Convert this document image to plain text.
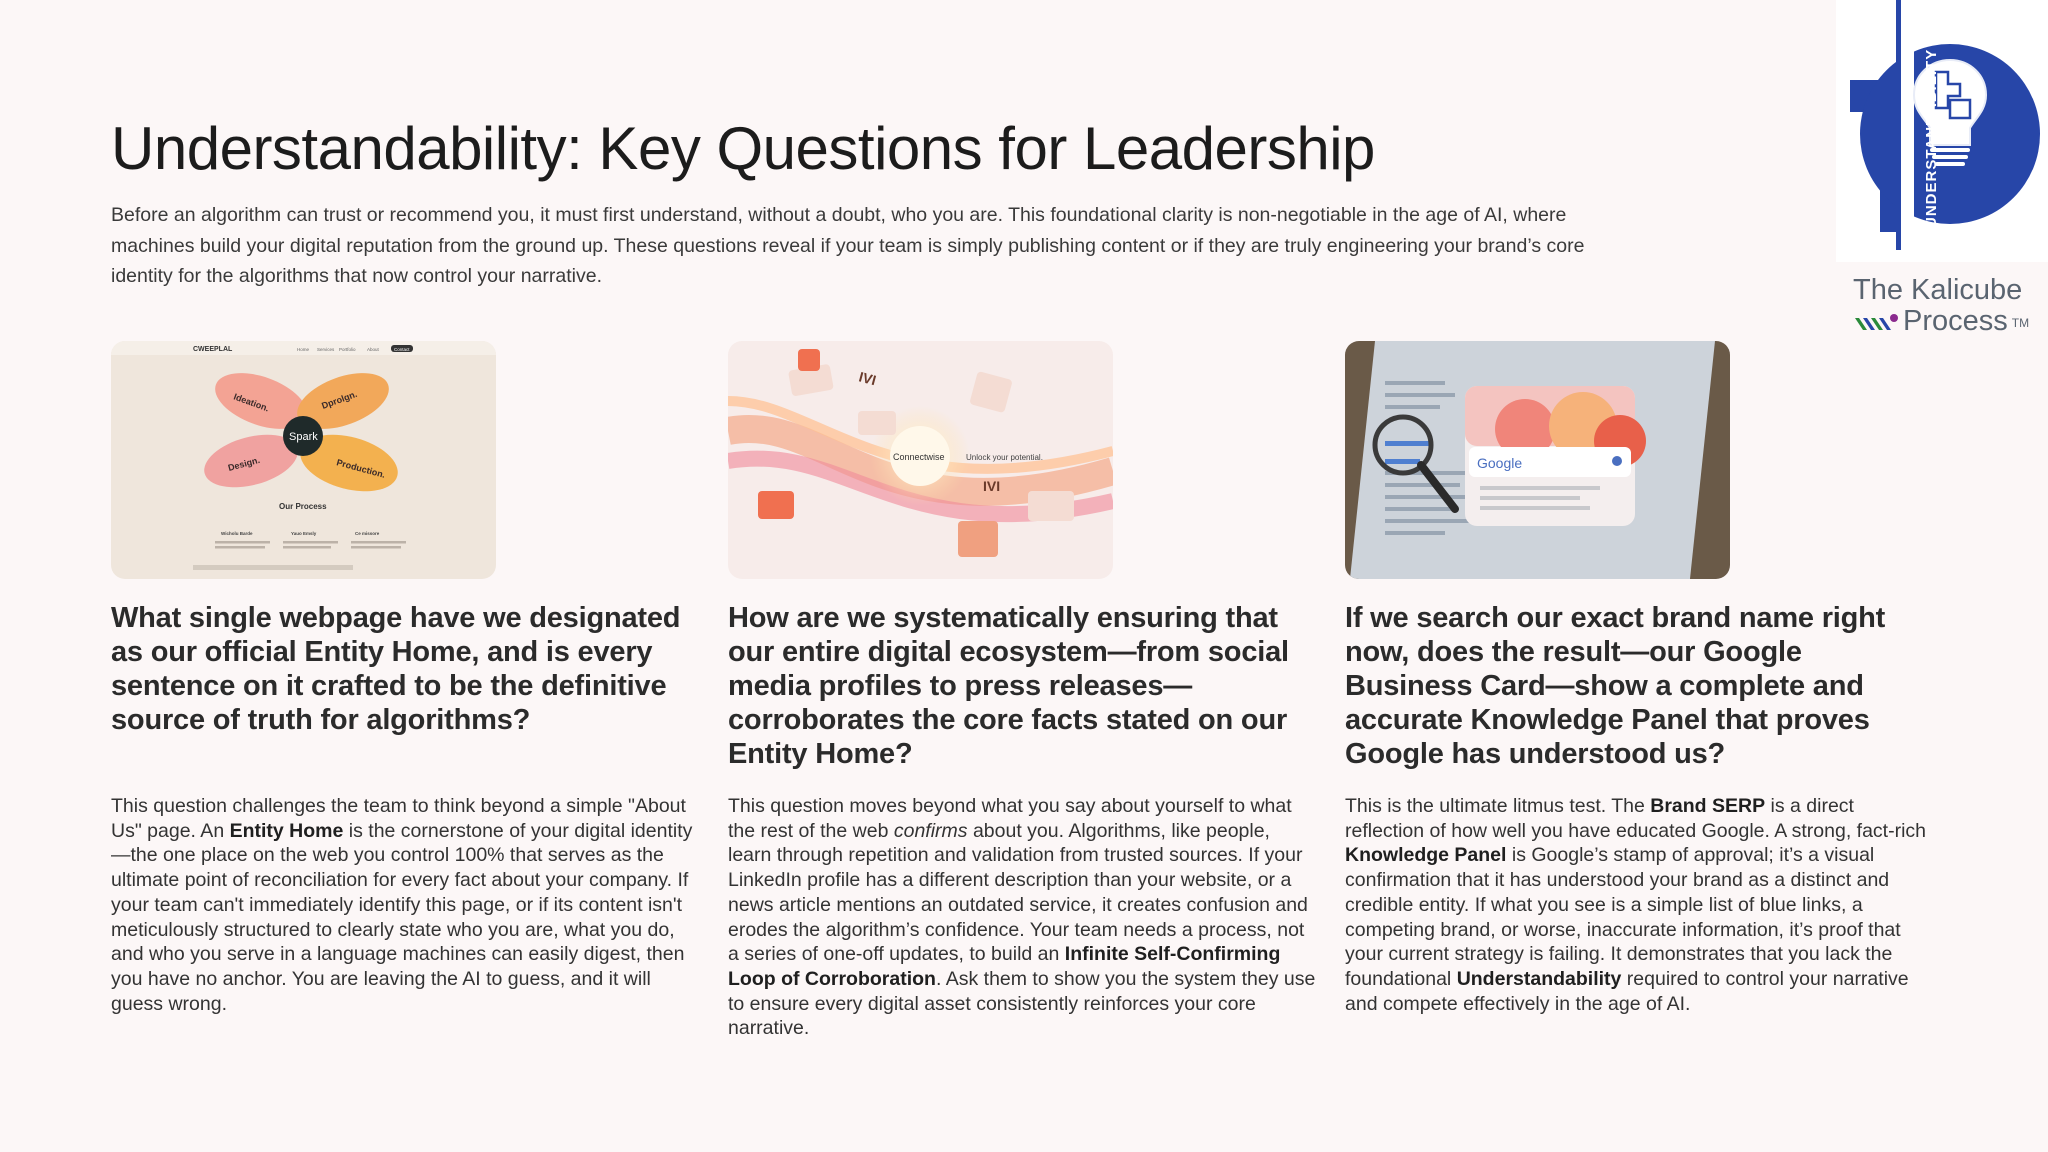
Understandability: Key Questions for Leadership

Before an algorithm can trust or recommend you, it must first understand, without a doubt, who you are. This foundational clarity is non-negotiable in the age of AI, where machines build your digital reputation from the ground up. These questions reveal if your team is simply publishing content or if they are truly engineering your brand’s core identity for the algorithms that now control your narrative.

UNDERSTANDABILITY
The Kalicube
Process TM
CWEEPLAL	Home Services Portfolio	About	Contact
Spark
Ideation.	Dprolgn.
Design.	Production.
Our Process
Wicholu Barde	Yauo Emsly	Ce missore
What single webpage have we designated as our official Entity Home, and is every sentence on it crafted to be the definitive source of truth for algorithms?
This question challenges the team to think beyond a simple "About Us" page. An Entity Home is the cornerstone of your digital identity—the one place on the web you control 100% that serves as the ultimate point of reconciliation for every fact about your company. If your team can't immediately identify this page, or if its content isn't meticulously structured to clearly state who you are, what you do, and who you serve in a language machines can easily digest, then you have no anchor. You are leaving the AI to guess, and it will guess wrong.
Connectwise	Unlock your potential.
IVI
IVI
How are we systematically ensuring that our entire digital ecosystem—from social media profiles to press releases—corroborates the core facts stated on our Entity Home?
This question moves beyond what you say about yourself to what the rest of the web confirms about you. Algorithms, like people, learn through repetition and validation from trusted sources. If your LinkedIn profile has a different description than your website, or a news article mentions an outdated service, it creates confusion and erodes the algorithm’s confidence. Your team needs a process, not a series of one-off updates, to build an Infinite Self-Confirming Loop of Corroboration. Ask them to show you the system they use to ensure every digital asset consistently reinforces your core narrative.
Google
If we search our exact brand name right now, does the result—our Google Business Card—show a complete and accurate Knowledge Panel that proves Google has understood us?
This is the ultimate litmus test. The Brand SERP is a direct reflection of how well you have educated Google. A strong, fact-rich Knowledge Panel is Google’s stamp of approval; it’s a visual confirmation that it has understood your brand as a distinct and credible entity. If what you see is a simple list of blue links, a competing brand, or worse, inaccurate information, it’s proof that your current strategy is failing. It demonstrates that you lack the foundational Understandability required to control your narrative and compete effectively in the age of AI.
